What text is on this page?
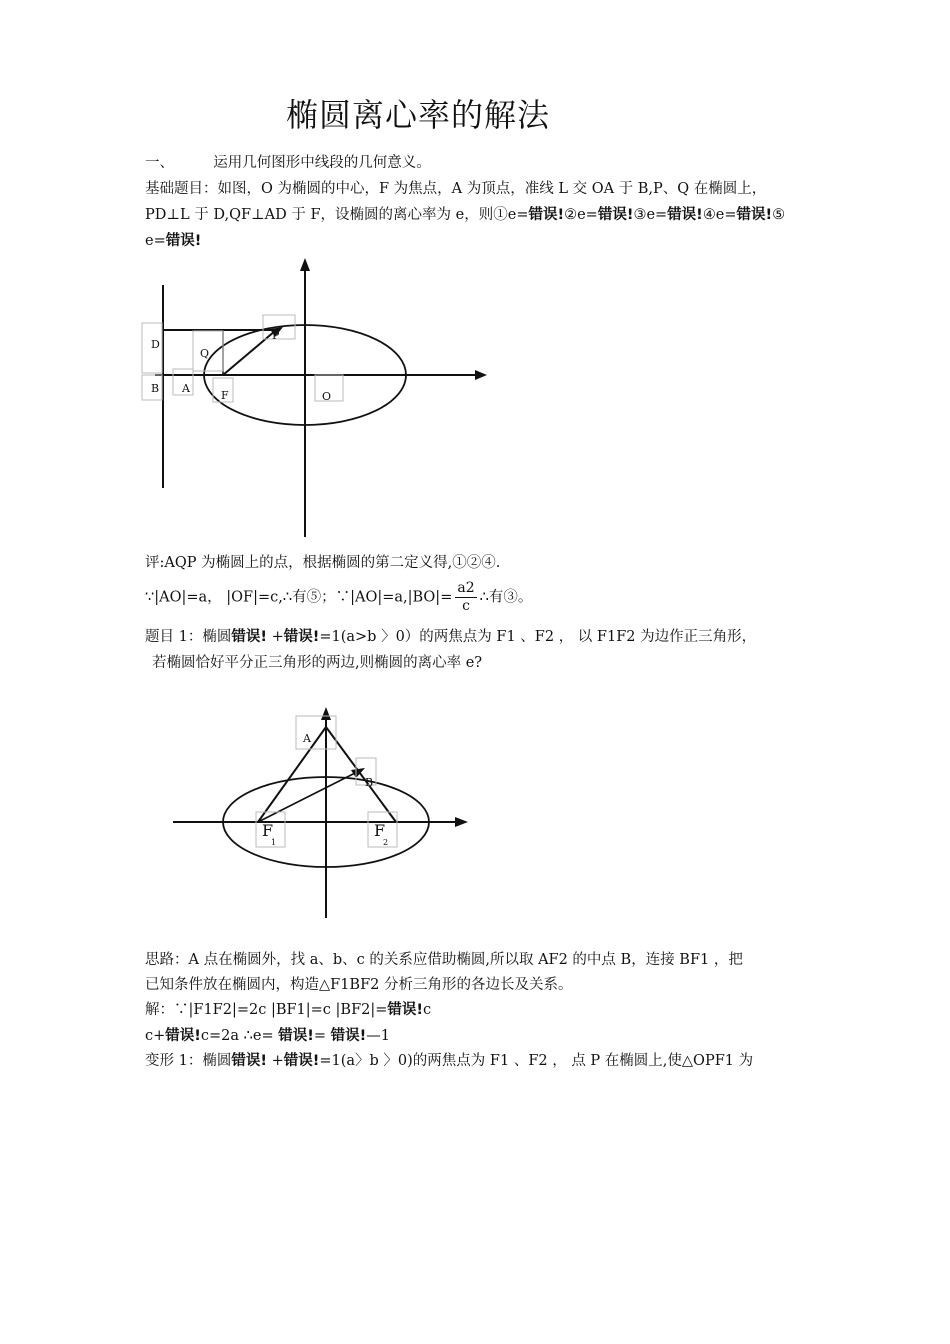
椭圆离心率的解法
一、	运用几何图形中线段的几何意义。
基础题目：如图，O 为椭圆的中心，F 为焦点，A 为顶点，准线 L 交 OA 于 B,P、Q 在椭圆上，
PD⊥L 于 D,QF⊥AD 于 F，设椭圆的离心率为 e，则①e=错误!②e=错误!③e=错误!④e=错误!⑤
e=错误!
D
B A
Q
F	O
P
评:AQP 为椭圆上的点，根据椭圆的第二定义得,①②④.
∵|AO|=a， |OF|=c,∴有⑤；∵|AO|=a,|BO|= $\frac{a2}{c}$ ∴有③。
题目 1：椭圆错误! +错误!=1(a>b 〉0）的两焦点为 F1 、F2 ， 以 F1F2 为边作正三角形，
若椭圆恰好平分正三角形的两边,则椭圆的离心率 e?
A
B
F
1
F
2
思路：A 点在椭圆外，找 a、b、c 的关系应借助椭圆,所以取 AF2 的中点 B，连接 BF1 ，把
已知条件放在椭圆内，构造△F1BF2 分析三角形的各边长及关系。
解：∵|F1F2|=2c |BF1|=c |BF2|=错误!c
c+错误!c=2a ∴e= 错误!= 错误!—1
变形 1：椭圆错误! +错误!=1(a〉b 〉0)的两焦点为 F1 、F2 ， 点 P 在椭圆上,使△OPF1 为
